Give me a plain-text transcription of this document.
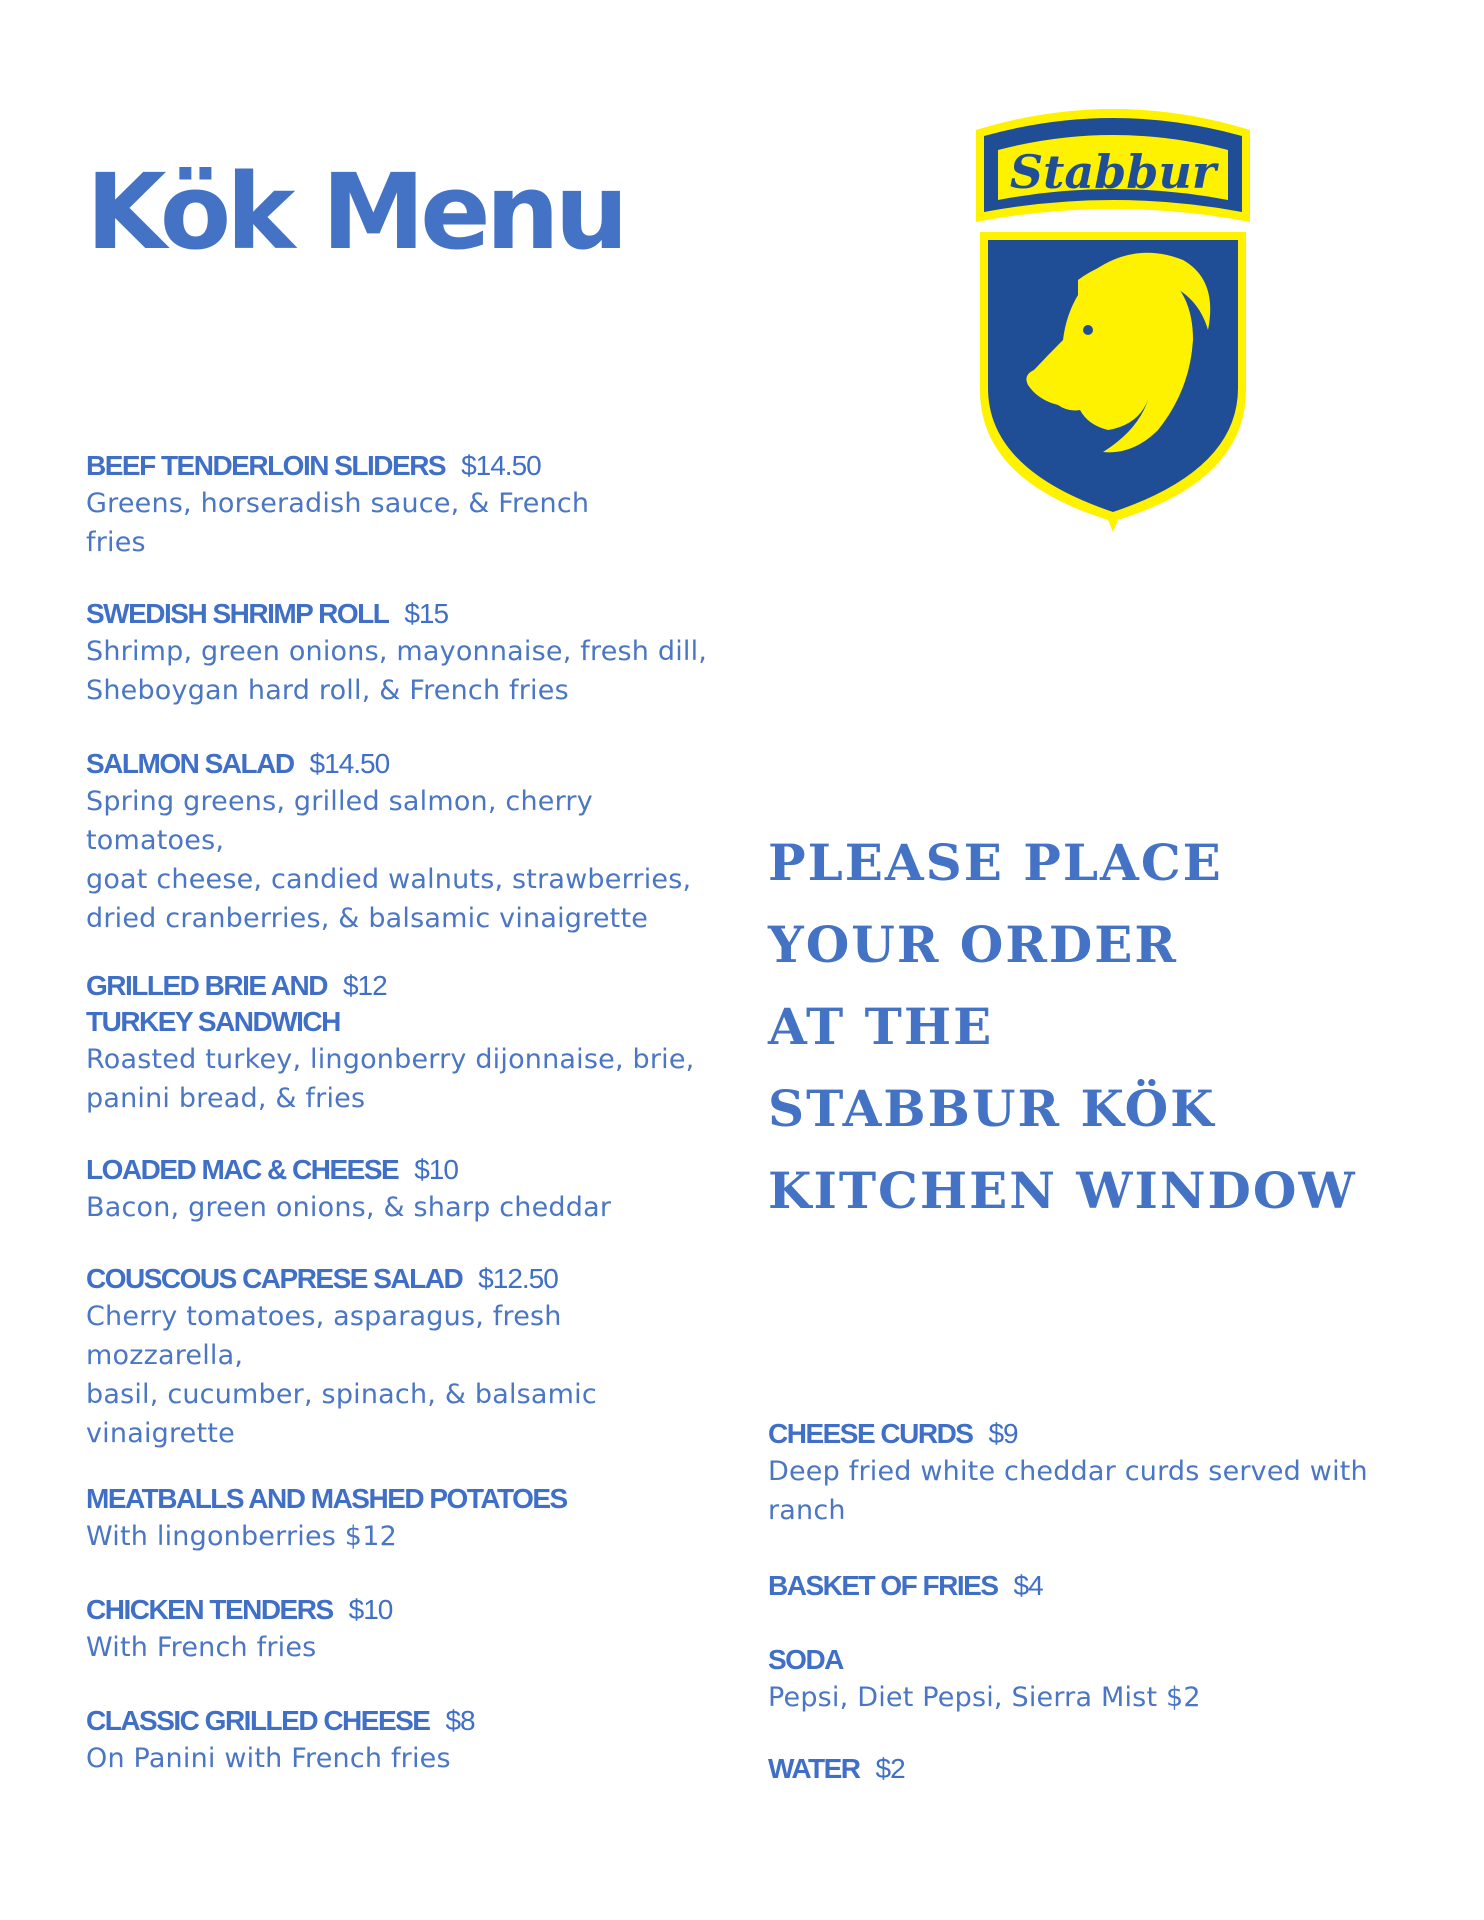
Kök Menu	Stabbur
BEEF TENDERLOIN SLIDERS $14.50
Greens, horseradish sauce, & French
fries
SWEDISH SHRIMP ROLL $15
Shrimp, green onions, mayonnaise, fresh dill,
Sheboygan hard roll, & French fries
SALMON SALAD $14.50
Spring greens, grilled salmon, cherry tomatoes,
goat cheese, candied walnuts, strawberries,
dried cranberries, & balsamic vinaigrette
GRILLED BRIE AND $12
TURKEY SANDWICH
Roasted turkey, lingonberry dijonnaise, brie,
panini bread, & fries
LOADED MAC & CHEESE $10
Bacon, green onions, & sharp cheddar
COUSCOUS CAPRESE SALAD $12.50
Cherry tomatoes, asparagus, fresh mozzarella,
basil, cucumber, spinach, & balsamic
vinaigrette
MEATBALLS AND MASHED POTATOES
With lingonberries $12
CHICKEN TENDERS $10
With French fries
CLASSIC GRILLED CHEESE $8
On Panini with French fries
PLEASE PLACE
YOUR ORDER
AT THE
STABBUR KÖK
KITCHEN WINDOW
CHEESE CURDS $9
Deep fried white cheddar curds served with
ranch
BASKET OF FRIES $4
SODA
Pepsi, Diet Pepsi, Sierra Mist $2
WATER $2
